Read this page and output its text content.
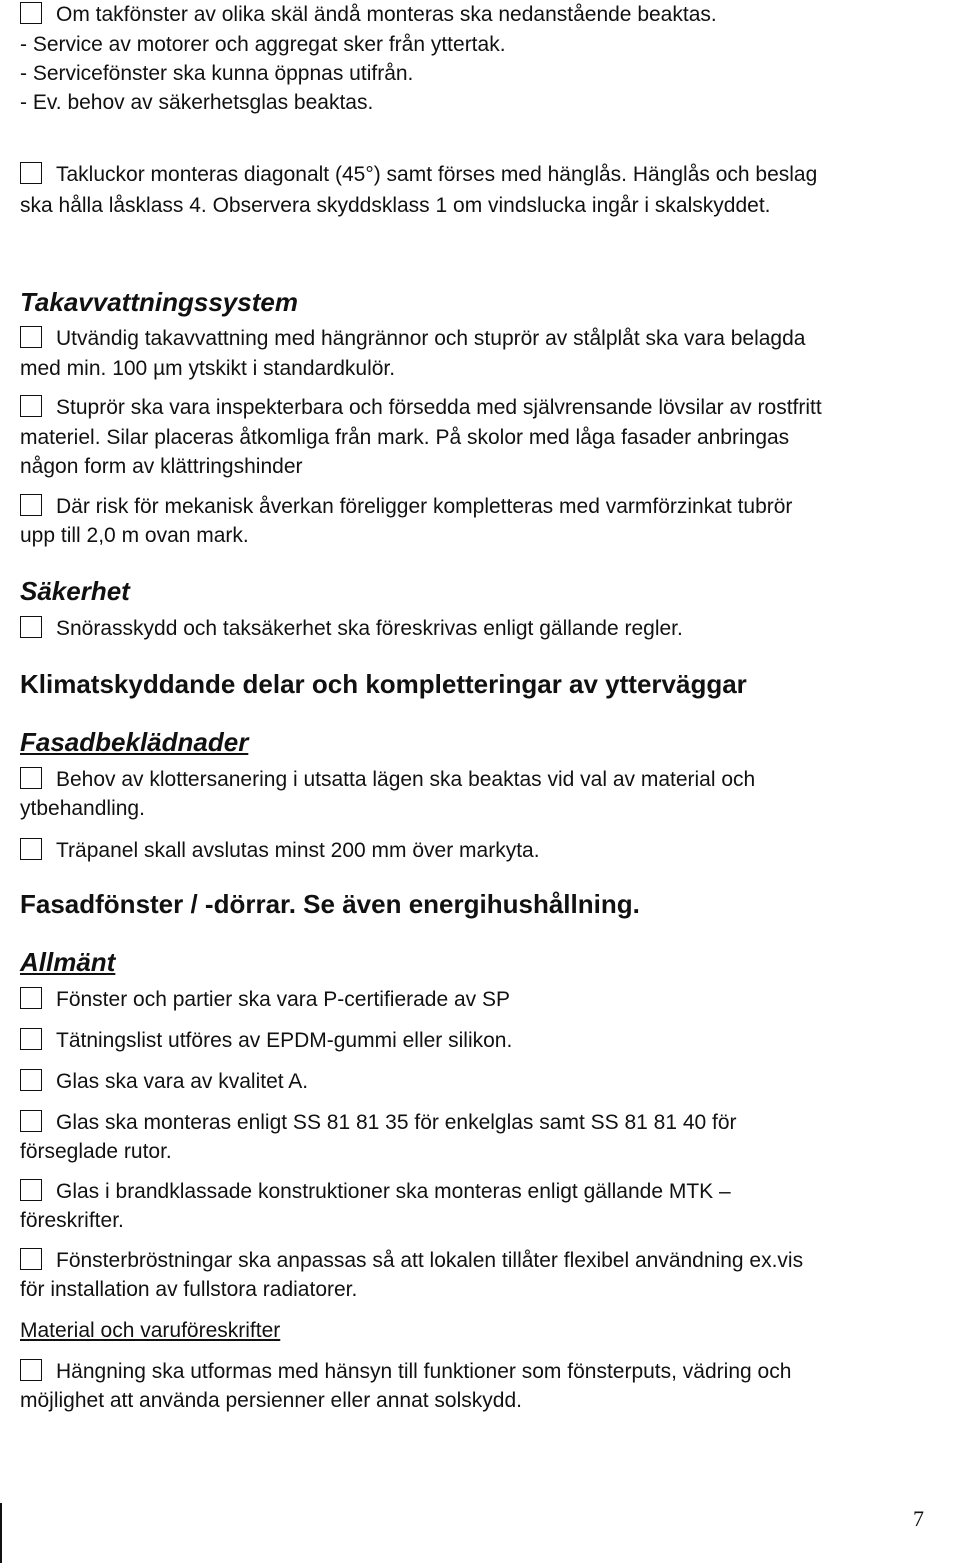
Om takfönster av olika skäl ändå monteras ska nedanstående beaktas.
- Service av motorer och aggregat sker från yttertak.
- Servicefönster ska kunna öppnas utifrån.
- Ev. behov av säkerhetsglas beaktas.
Takluckor monteras diagonalt (45°) samt förses med hänglås. Hänglås och beslag
ska hålla låsklass 4. Observera skyddsklass 1 om vindslucka ingår i skalskyddet.
Takavvattningssystem
Utvändig takavvattning med hängrännor och stuprör av stålplåt ska vara belagda
med min. 100 µm ytskikt i standardkulör.
Stuprör ska vara inspekterbara och försedda med självrensande lövsilar av rostfritt
materiel. Silar placeras åtkomliga från mark. På skolor med låga fasader anbringas
någon form av klättringshinder
Där risk för mekanisk åverkan föreligger kompletteras med varmförzinkat tubrör
upp till 2,0 m ovan mark.
Säkerhet
Snörasskydd och taksäkerhet ska föreskrivas enligt gällande regler.
Klimatskyddande delar och kompletteringar av ytterväggar
Fasadbeklädnader
Behov av klottersanering i utsatta lägen ska beaktas vid val av material och
ytbehandling.
Träpanel skall avslutas minst 200 mm över markyta.
Fasadfönster / -dörrar. Se även energihushållning.
Allmänt
Fönster och partier ska vara P-certifierade av SP
Tätningslist utföres av EPDM-gummi eller silikon.
Glas ska vara av kvalitet A.
Glas ska monteras enligt SS 81 81 35 för enkelglas samt SS 81 81 40 för
förseglade rutor.
Glas i brandklassade konstruktioner ska monteras enligt gällande MTK –
föreskrifter.
Fönsterbröstningar ska anpassas så att lokalen tillåter flexibel användning ex.vis
för installation av fullstora radiatorer.
Material och varuföreskrifter
Hängning ska utformas med hänsyn till funktioner som fönsterputs, vädring och
möjlighet att använda persienner eller annat solskydd.
7
